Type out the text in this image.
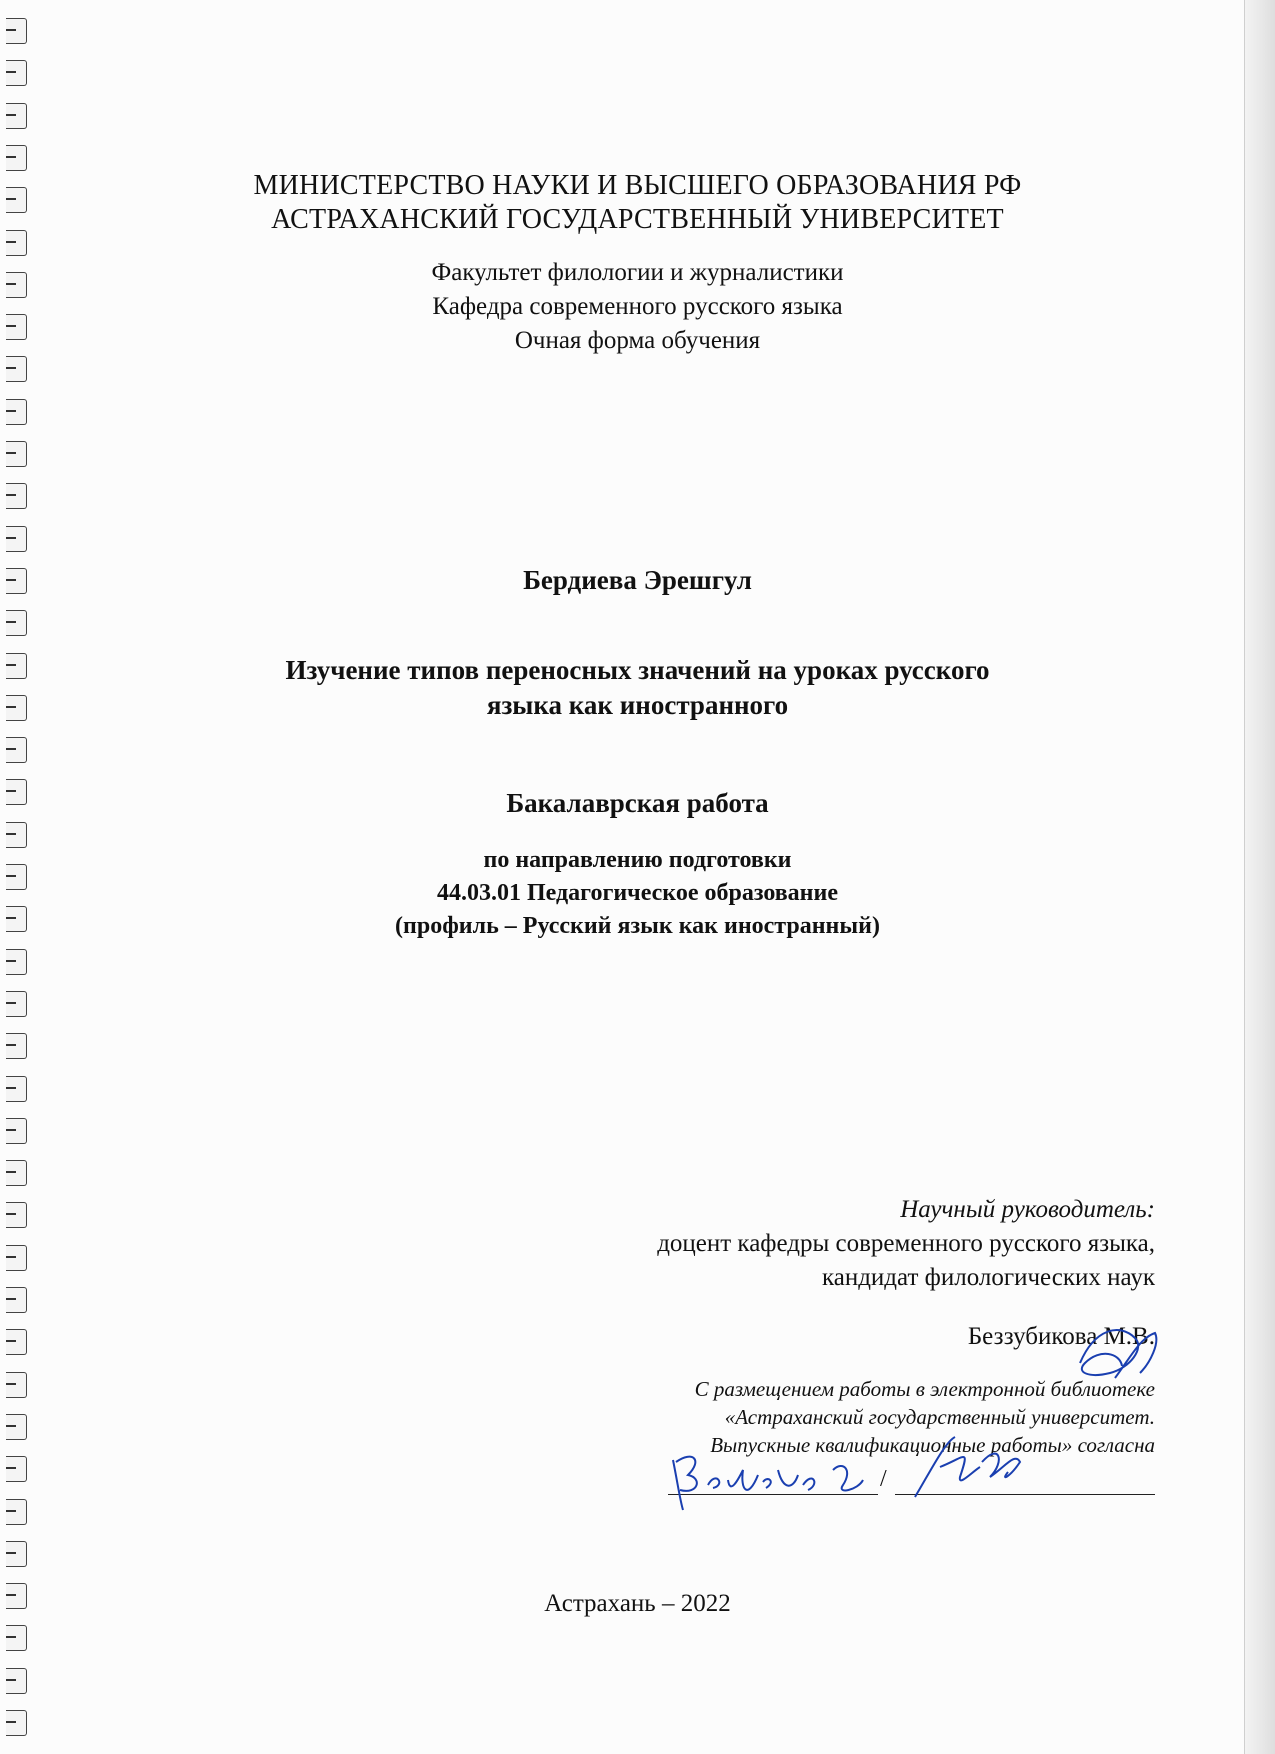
МИНИСТЕРСТВО НАУКИ И ВЫСШЕГО ОБРАЗОВАНИЯ РФ
АСТРАХАНСКИЙ ГОСУДАРСТВЕННЫЙ УНИВЕРСИТЕТ
Факультет филологии и журналистики
Кафедра современного русского языка
Очная форма обучения
Бердиева Эрешгул
Изучение типов переносных значений на уроках русского
языка как иностранного
Бакалаврская работа
по направлению подготовки
44.03.01 Педагогическое образование
(профиль – Русский язык как иностранный)
Научный руководитель:
доцент кафедры современного русского языка,
кандидат филологических наук
Беззубикова М.В.
С размещением работы в электронной библиотеке
«Астраханский государственный университет.
Выпускные квалификационные работы» согласна
/
Астрахань – 2022
